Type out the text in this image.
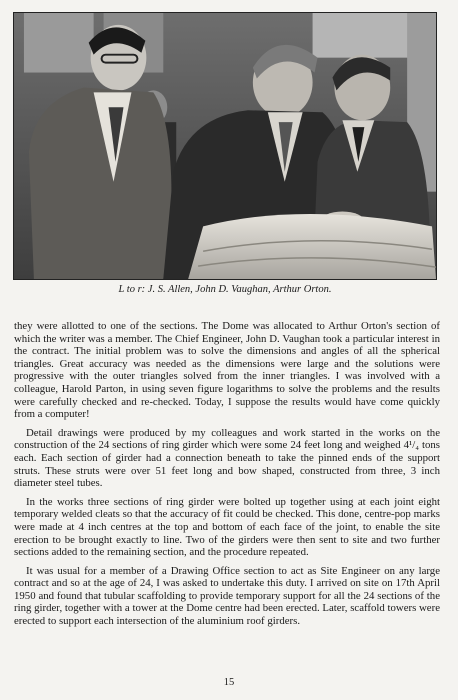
L to r: J. S. Allen, John D. Vaughan, Arthur Orton.

they were allotted to one of the sections. The Dome was allocated to Arthur Orton's section of which the writer was a member. The Chief Engineer, John D. Vaughan took a particular interest in the contract. The initial problem was to solve the dimensions and angles of all the spherical triangles. Great accuracy was needed as the dimensions were large and the solutions were progressive with the outer triangles solved from the inner triangles. I was involved with a colleague, Harold Parton, in using seven figure logarithms to solve the problems and the results were carefully checked and re-checked. Today, I suppose the results would have come quickly from a computer!

Detail drawings were produced by my colleagues and work started in the works on the construction of the 24 sections of ring girder which were some 24 feet long and weighed 4¹/₄ tons each. Each section of girder had a connection beneath to take the pinned ends of the support struts. These struts were over 51 feet long and bow shaped, constructed from three, 3 inch diameter steel tubes.

In the works three sections of ring girder were bolted up together using at each joint eight temporary welded cleats so that the accuracy of fit could be checked. This done, centre-pop marks were made at 4 inch centres at the top and bottom of each face of the joint, to enable the site erection to be brought exactly to line. Two of the girders were then sent to site and two further sections added to the remaining section, and the procedure repeated.

It was usual for a member of a Drawing Office section to act as Site Engineer on any large contract and so at the age of 24, I was asked to undertake this duty. I arrived on site on 17th April 1950 and found that tubular scaffolding to provide temporary support for all the 24 sections of the ring girder, together with a tower at the Dome centre had been erected. Later, scaffold towers were erected to support each intersection of the aluminium roof girders.

15
